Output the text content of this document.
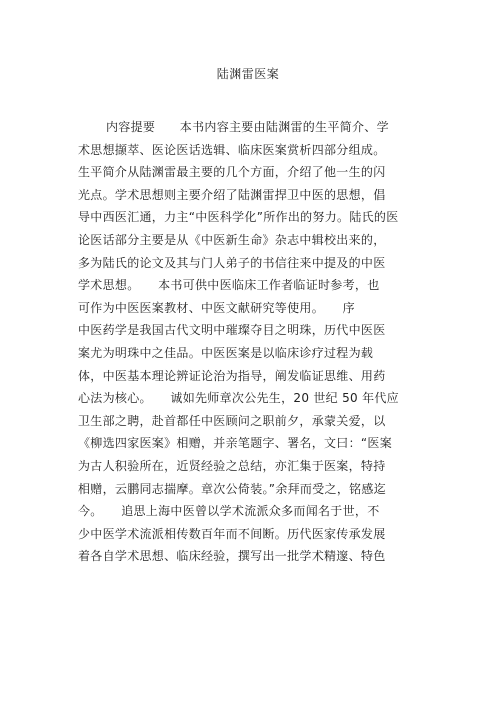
陆渊雷医案
内容提要　　本书内容主要由陆渊雷的生平简介、学
术思想撷萃、医论医话选辑、临床医案赏析四部分组成。
生平简介从陆渊雷最主要的几个方面，介绍了他一生的闪
光点。学术思想则主要介绍了陆渊雷捍卫中医的思想，倡
导中西医汇通，力主“中医科学化”所作出的努力。陆氏的医
论医话部分主要是从《中医新生命》杂志中辑校出来的，
多为陆氏的论文及其与门人弟子的书信往来中提及的中医
学术思想。　　本书可供中医临床工作者临证时参考，也
可作为中医医案教材、中医文献研究等使用。　　序
中医药学是我国古代文明中璀璨夺目之明珠，历代中医医
案尤为明珠中之佳品。中医医案是以临床诊疗过程为载
体，中医基本理论辨证论治为指导，阐发临证思维、用药
心法为核心。　　诚如先师章次公先生，20 世纪 50 年代应
卫生部之聘，赴首都任中医顾问之职前夕，承蒙关爱，以
《柳选四家医案》相赠，并亲笔题字、署名，文曰：“医案
为古人积验所在，近贤经验之总结，亦汇集于医案，特持
相赠，云鹏同志揣摩。章次公倚装。”余拜而受之，铭感迄
今。　　追思上海中医曾以学术流派众多而闻名于世，不
少中医学术流派相传数百年而不间断。历代医家传承发展
着各自学术思想、临床经验，撰写出一批学术精邃、特色
